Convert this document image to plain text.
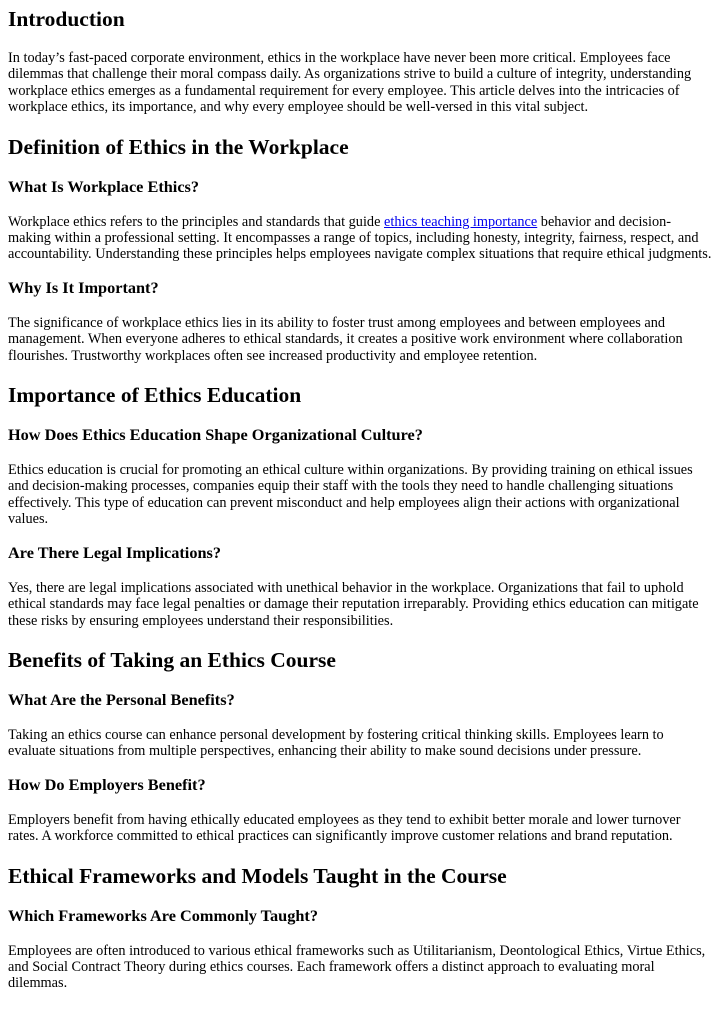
Introduction

In today’s fast-paced corporate environment, ethics in the workplace have never been more critical. Employees face dilemmas that challenge their moral compass daily. As organizations strive to build a culture of integrity, understanding workplace ethics emerges as a fundamental requirement for every employee. This article delves into the intricacies of workplace ethics, its importance, and why every employee should be well-versed in this vital subject.

Definition of Ethics in the Workplace
What Is Workplace Ethics?

Workplace ethics refers to the principles and standards that guide ethics teaching importance behavior and decision-making within a professional setting. It encompasses a range of topics, including honesty, integrity, fairness, respect, and accountability. Understanding these principles helps employees navigate complex situations that require ethical judgments.

Why Is It Important?

The significance of workplace ethics lies in its ability to foster trust among employees and between employees and management. When everyone adheres to ethical standards, it creates a positive work environment where collaboration flourishes. Trustworthy workplaces often see increased productivity and employee retention.

Importance of Ethics Education
How Does Ethics Education Shape Organizational Culture?

Ethics education is crucial for promoting an ethical culture within organizations. By providing training on ethical issues and decision-making processes, companies equip their staff with the tools they need to handle challenging situations effectively. This type of education can prevent misconduct and help employees align their actions with organizational values.

Are There Legal Implications?

Yes, there are legal implications associated with unethical behavior in the workplace. Organizations that fail to uphold ethical standards may face legal penalties or damage their reputation irreparably. Providing ethics education can mitigate these risks by ensuring employees understand their responsibilities.

Benefits of Taking an Ethics Course
What Are the Personal Benefits?

Taking an ethics course can enhance personal development by fostering critical thinking skills. Employees learn to evaluate situations from multiple perspectives, enhancing their ability to make sound decisions under pressure.

How Do Employers Benefit?

Employers benefit from having ethically educated employees as they tend to exhibit better morale and lower turnover rates. A workforce committed to ethical practices can significantly improve customer relations and brand reputation.

Ethical Frameworks and Models Taught in the Course
Which Frameworks Are Commonly Taught?

Employees are often introduced to various ethical frameworks such as Utilitarianism, Deontological Ethics, Virtue Ethics, and Social Contract Theory during ethics courses. Each framework offers a distinct approach to evaluating moral dilemmas.
